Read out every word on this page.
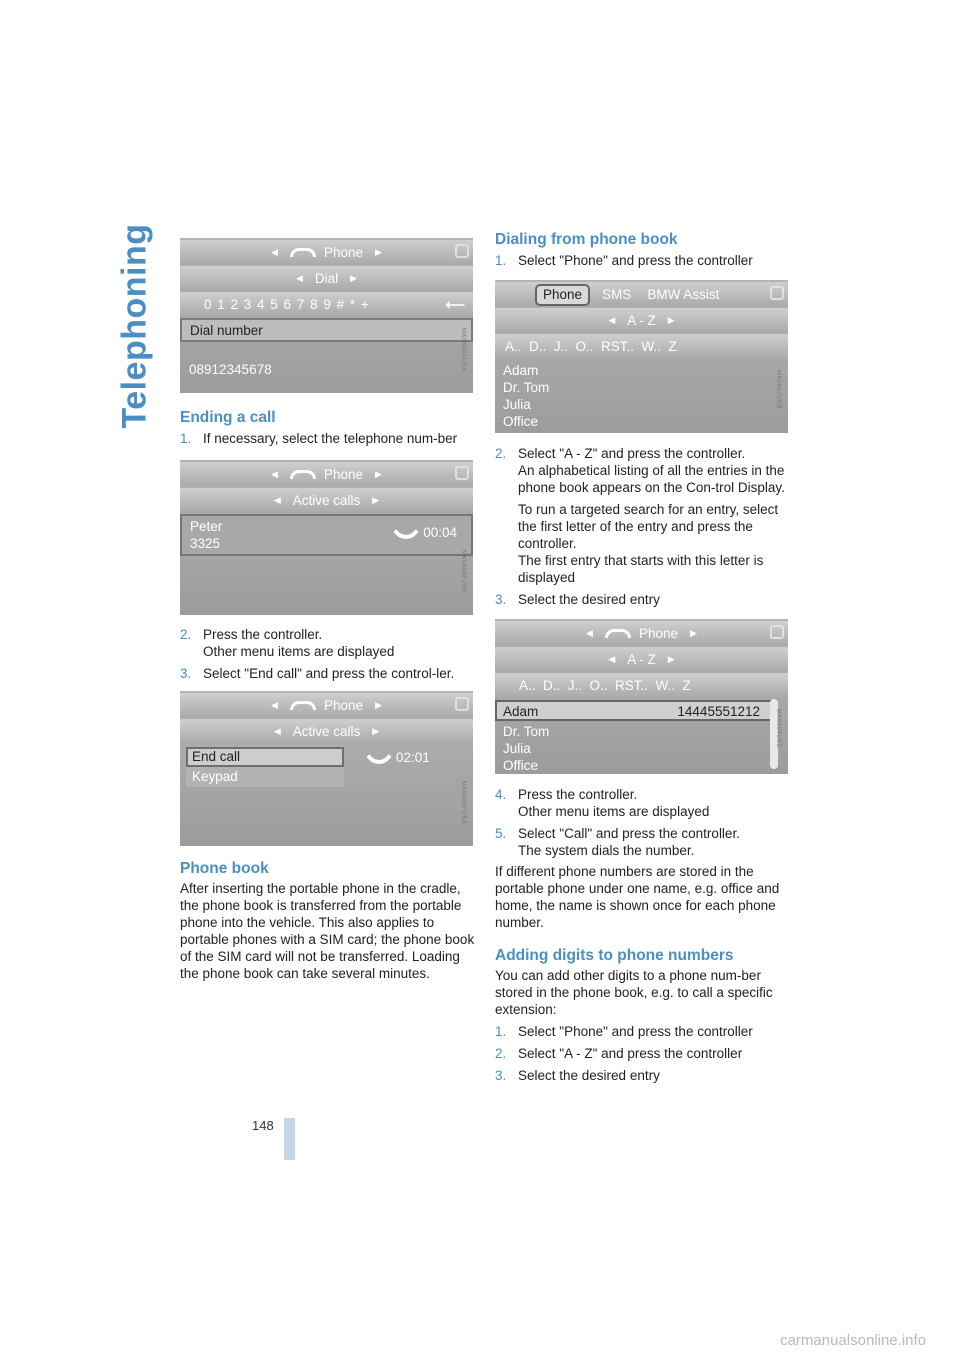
Telephoning	◀	Phone ▶
◀ Dial ▶
0 1 2 3 4 5 6 7 8 9 # * +	⟵
Dial number
08912345678	MK0602AUEA
Ending a call
1. If necessary, select the telephone num-ber

◀	Phone ▶
◀ Active calls ▶
Peter
3325
00:04
MK0606FUEB
2. Press the controller.

Other menu items are displayed

3. Select "End call" and press the control-ler.

◀	Phone ▶
◀ Active calls ▶
End call
Keypad
02:01
MK0609FUEA
Phone book

After inserting the portable phone in the cradle, the phone book is transferred from the portable phone into the vehicle. This also applies to portable phones with a SIM card; the phone book of the SIM card will not be transferred. Loading the phone book can take several minutes.

Dialing from phone book
1. Select "Phone" and press the controller

Phone	SMS BMW Assist
◀ A - Z ▶
A..  D..  J..  O..  RST..  W..  Z
Adam
Dr. Tom
Julia
Office
MK0602UEB
2. Select "A - Z" and press the controller.

An alphabetical listing of all the entries in the phone book appears on the Con-trol Display.

To run a targeted search for an entry, select the first letter of the entry and press the controller.

The first entry that starts with this letter is displayed

3. Select the desired entry

◀	Phone ▶
◀ A - Z ▶
A..  D..  J..  O..  RST..  W..  Z
Adam	14445551212
Dr. Tom
Julia
Office
MK0604UEC
4. Press the controller.

Other menu items are displayed

5. Select "Call" and press the controller.

The system dials the number.

If different phone numbers are stored in the portable phone under one name, e.g. office and home, the name is shown once for each phone number.

Adding digits to phone numbers

You can add other digits to a phone num-ber stored in the phone book, e.g. to call a specific extension:

1. Select "Phone" and press the controller

2. Select "A - Z" and press the controller

3. Select the desired entry

148
carmanualsonline.info
